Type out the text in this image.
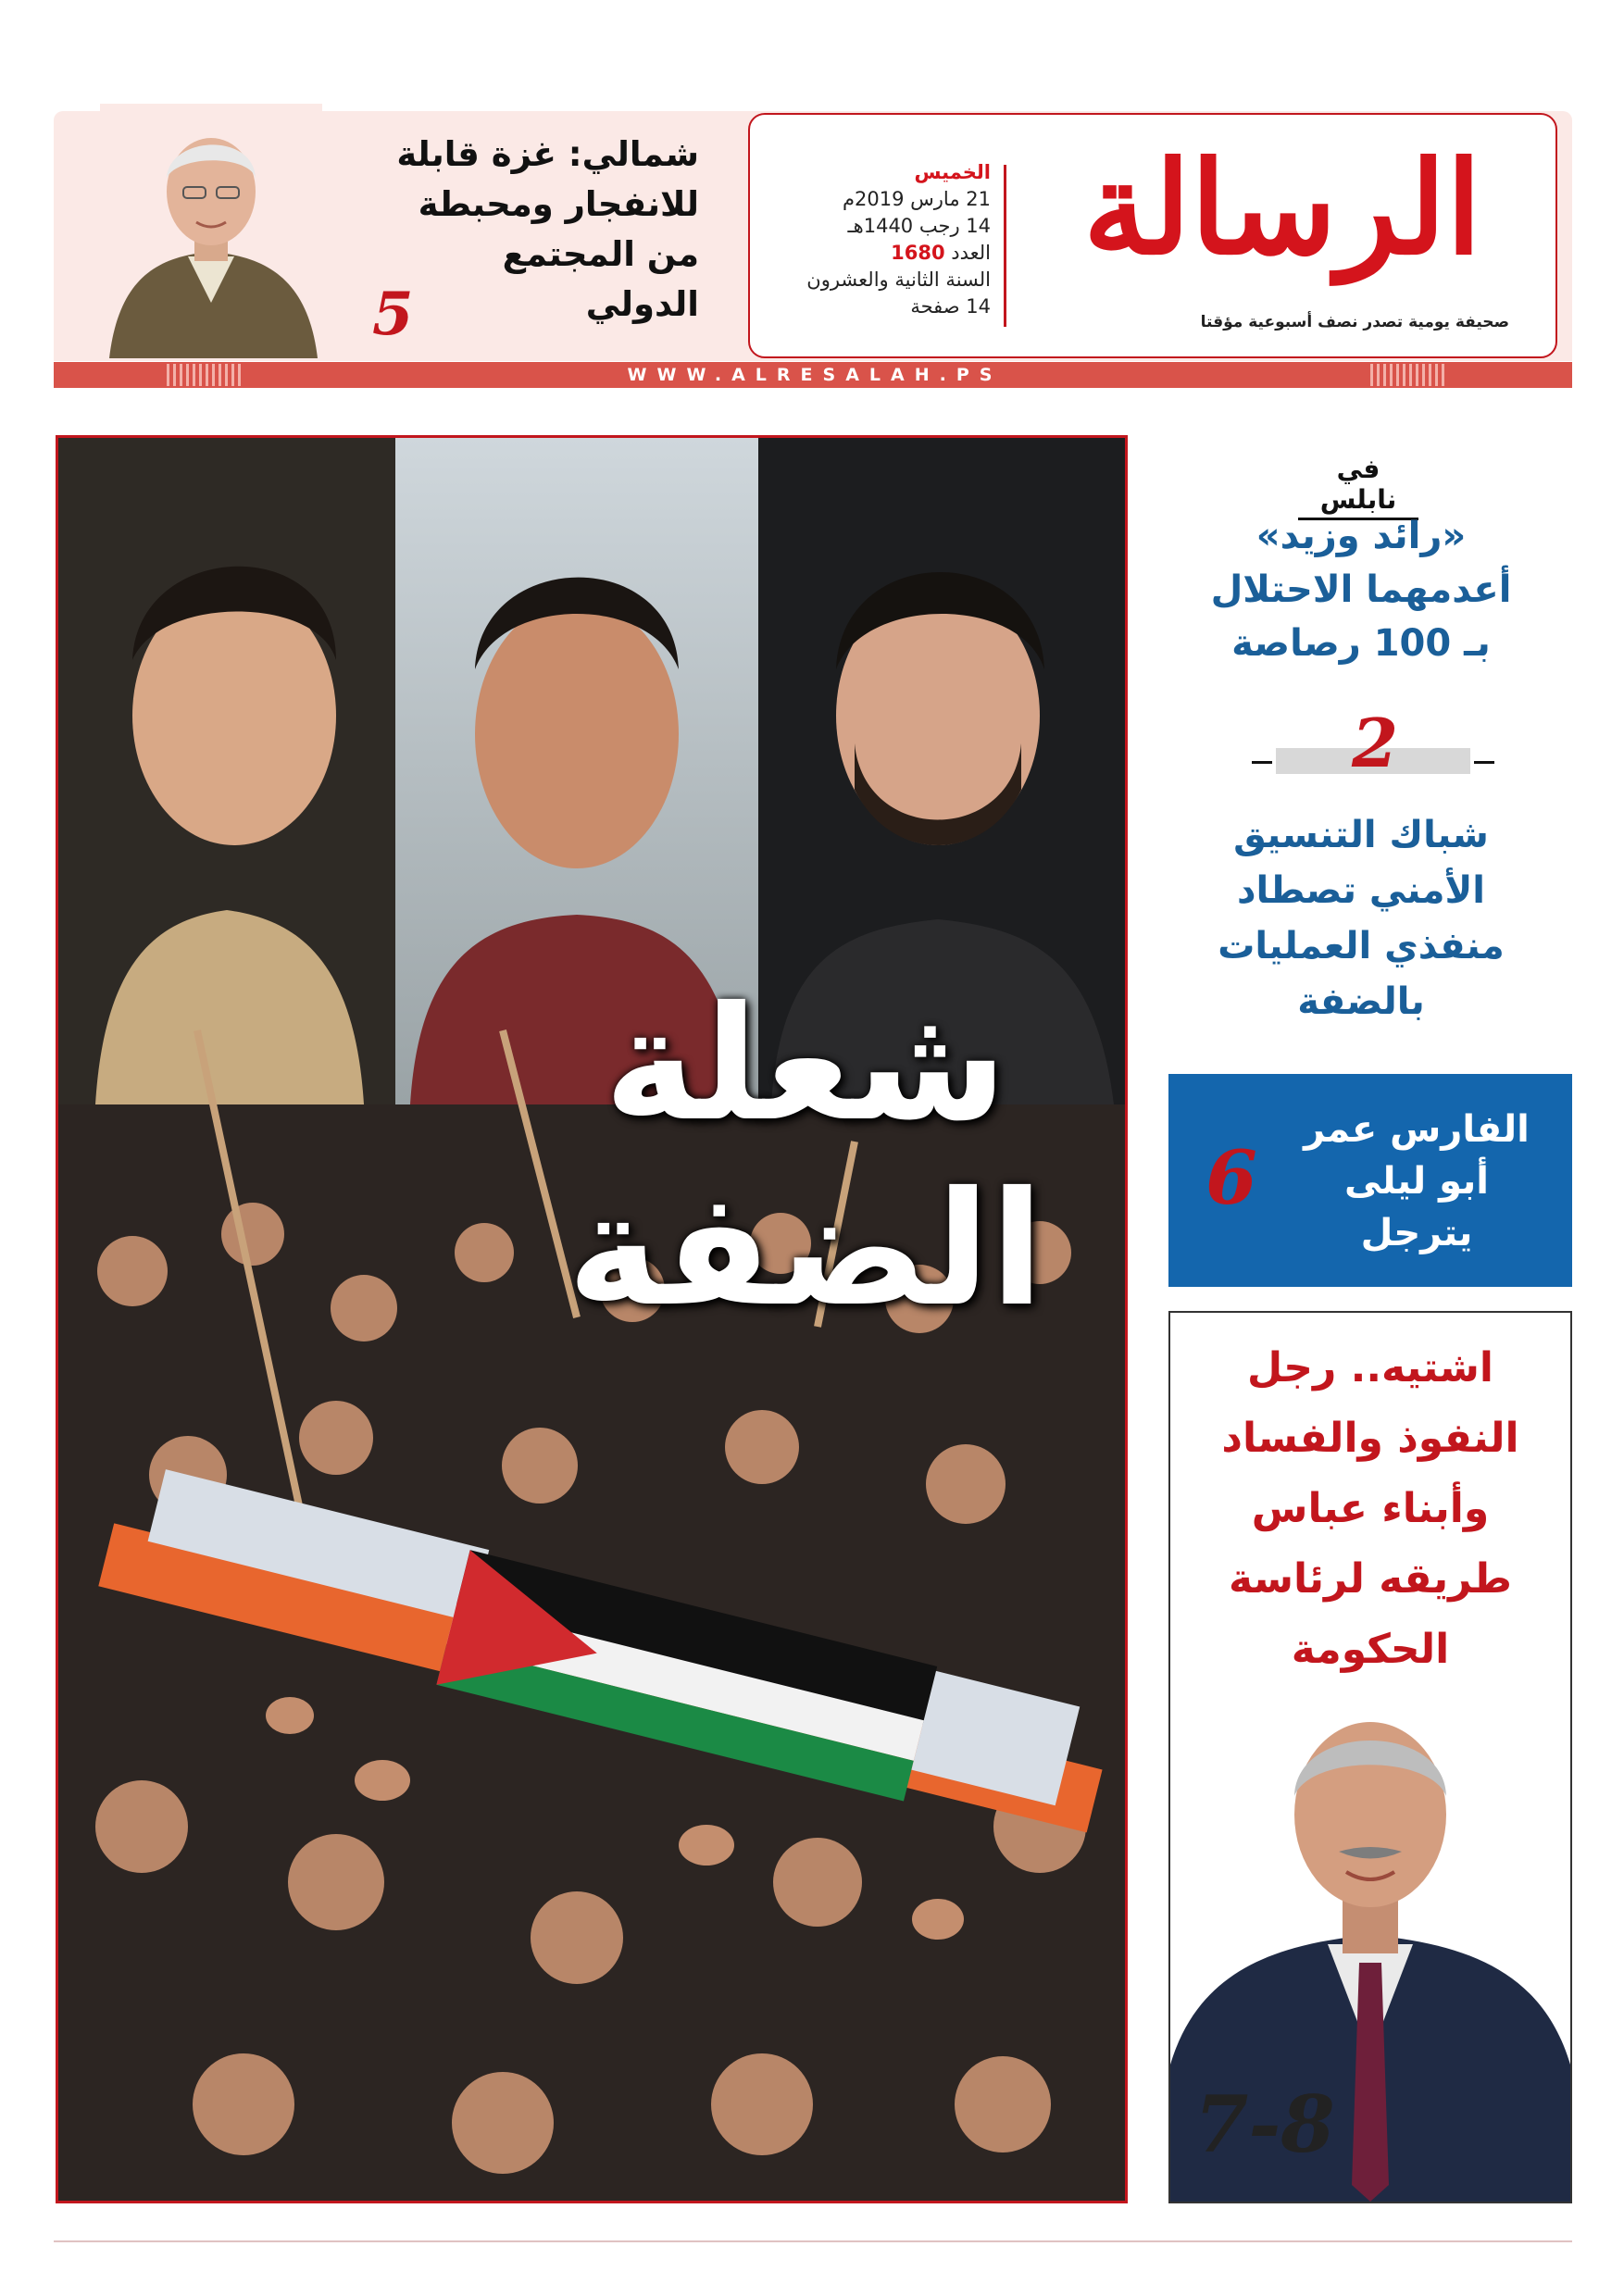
الرسالة
صحيفة يومية تصدر نصف أسبوعية مؤقتا
الخميس
21 مارس 2019م
14 رجب 1440هـ
العدد 1680
السنة الثانية والعشرون
14 صفحة
شمالي: غزة قابلة
للانفجار ومحبطة
من المجتمع
الدولي
5
WWW.ALRESALAH.PS
شعلة
الضفة
في نابلس
«رائد وزيد»
أعدمهما الاحتلال
بـ 100 رصاصة
2
شباك التنسيق
الأمني تصطاد
منفذي العمليات
بالضفة
الفارس عمر
أبو ليلى
يترجل
6
اشتيه.. رجل
النفوذ والفساد
وأبناء عباس
طريقه لرئاسة
الحكومة
7-8
